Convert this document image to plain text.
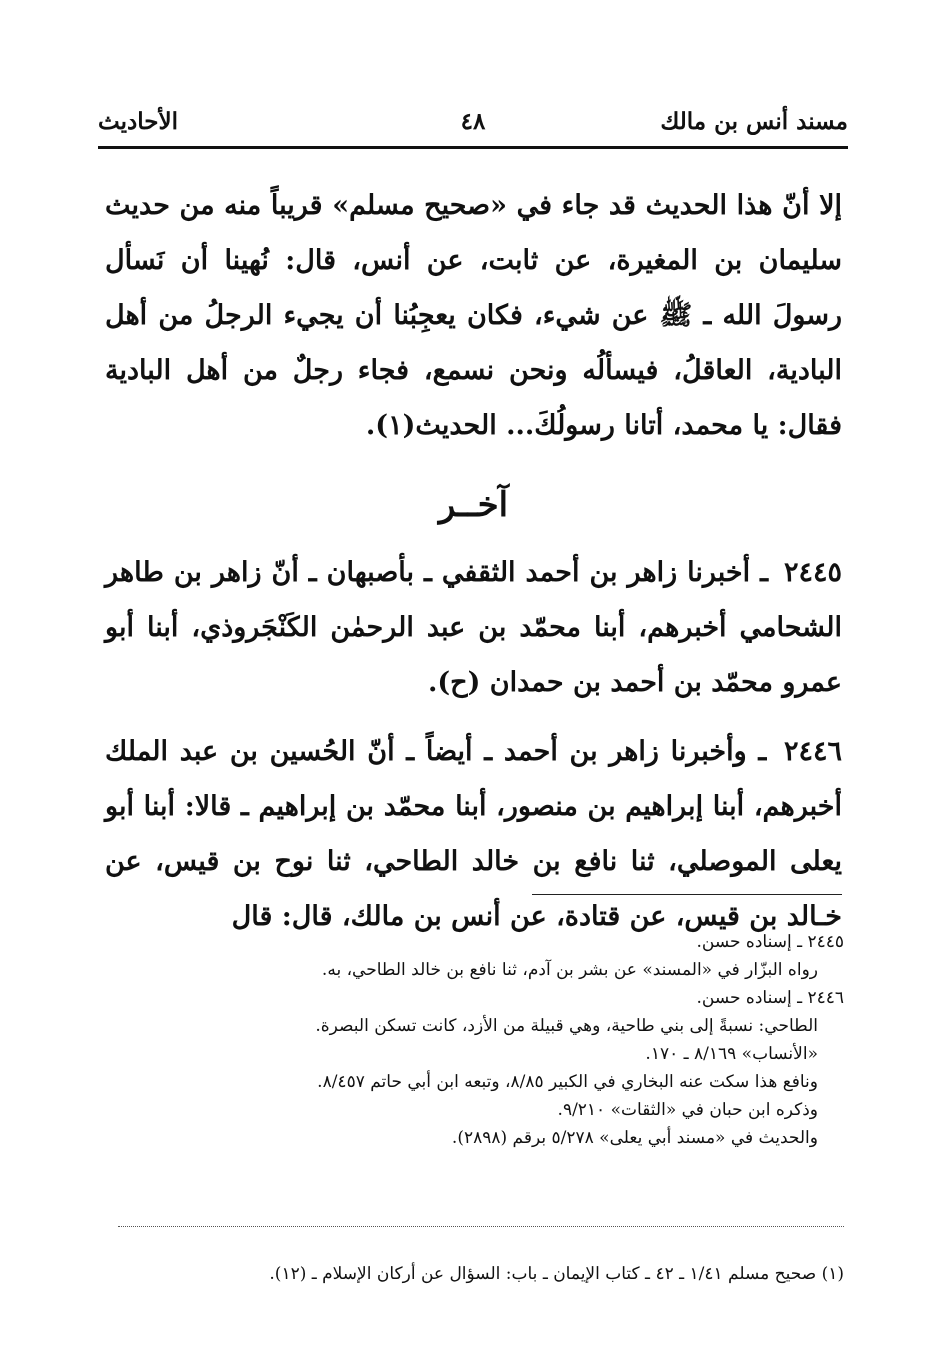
مسند أنس بن مالك
٤٨
الأحاديث

إلا أنّ هذا الحديث قد جاء في «صحيح مسلم» قريباً منه من حديث سليمان بن المغيرة، عن ثابت، عن أنس، قال: نُهينا أن نَسأل رسولَ الله ـ ﷺ عن شيء، فكان يعجِبُنا أن يجيء الرجلُ من أهل البادية، العاقلُ، فيسألُه ونحن نسمع، فجاء رجلٌ من أهل البادية فقال: يا محمد، أتانا رسولُكَ... الحديث(١).

آخــر

٢٤٤٥ ـ أخبرنا زاهر بن أحمد الثقفي ـ بأصبهان ـ أنّ زاهر بن طاهر الشحامي أخبرهم، أبنا محمّد بن عبد الرحمٰن الكَنْجَروذي، أبنا أبو عمرو محمّد بن أحمد بن حمدان (ح).

٢٤٤٦ ـ وأخبرنا زاهر بن أحمد ـ أيضاً ـ أنّ الحُسين بن عبد الملك أخبرهم، أبنا إبراهيم بن منصور، أبنا محمّد بن إبراهيم ـ قالا: أبنا أبو يعلى الموصلي، ثنا نافع بن خالد الطاحي، ثنا نوح بن قيس، عن خـالد بن قيس، عن قتادة، عن أنس بن مالك، قال: قال

٢٤٤٥ ـ إسناده حسن.
رواه البزّار في «المسند» عن بشر بن آدم، ثنا نافع بن خالد الطاحي، به.
٢٤٤٦ ـ إسناده حسن.
الطاحي: نسبةً إلى بني طاحية، وهي قبيلة من الأزد، كانت تسكن البصرة.
«الأنساب» ٨/١٦٩ ـ ١٧٠.
ونافع هذا سكت عنه البخاري في الكبير ٨/٨٥، وتبعه ابن أبي حاتم ٨/٤٥٧.
وذكره ابن حبان في «الثقات» ٩/٢١٠.
والحديث في «مسند أبي يعلى» ٥/٢٧٨ برقم (٢٨٩٨).
(١) صحيح مسلم ١/٤١ ـ ٤٢ ـ كتاب الإيمان ـ باب: السؤال عن أركان الإسلام ـ (١٢).
